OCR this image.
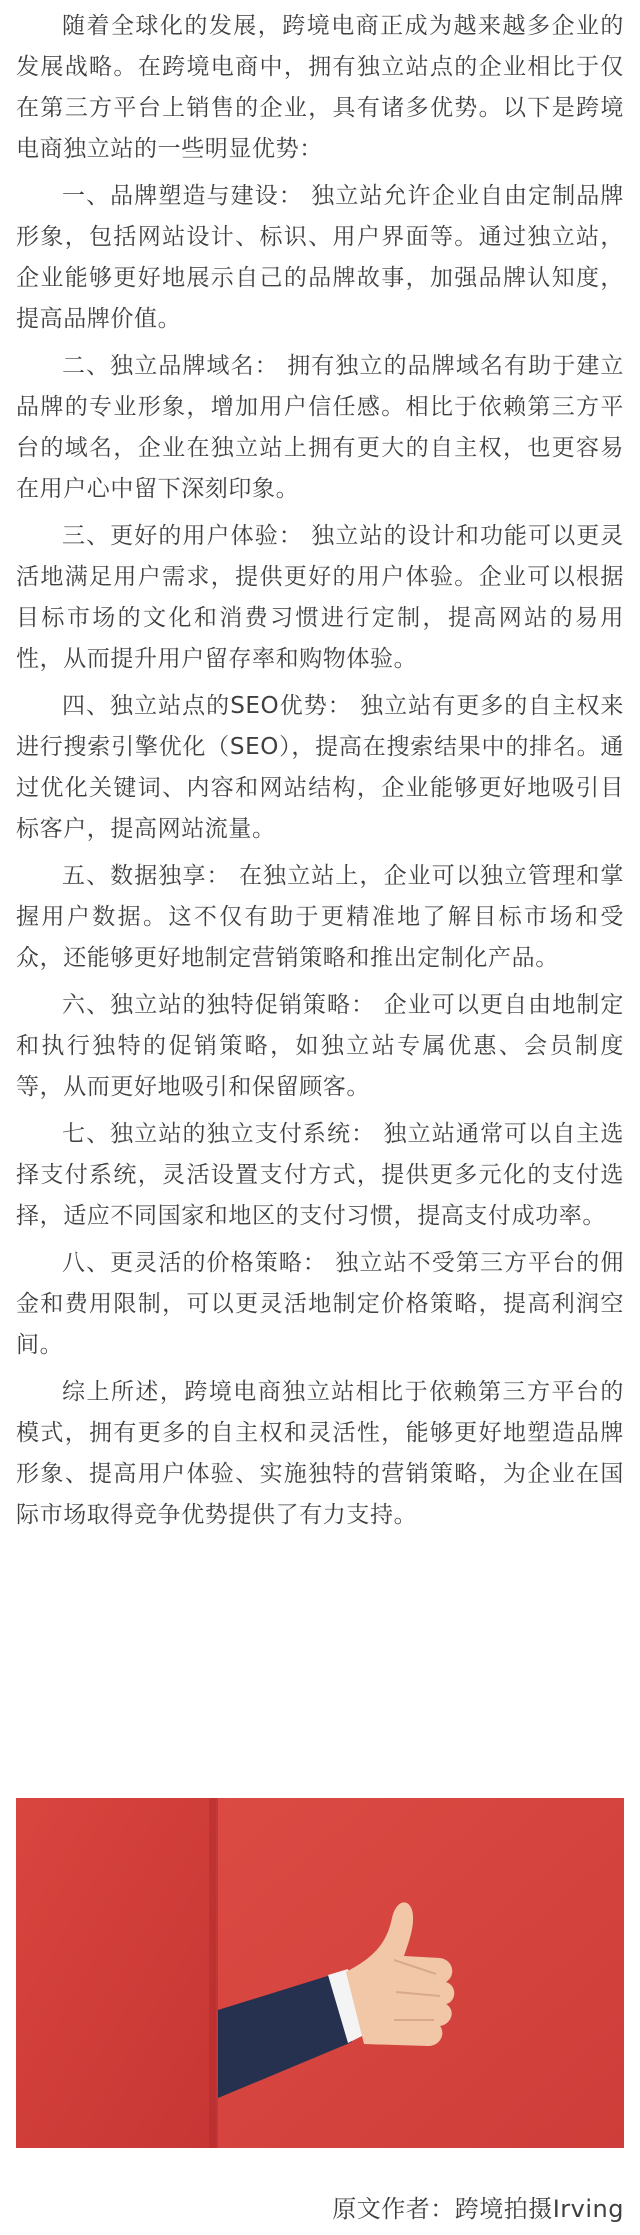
随着全球化的发展，跨境电商正成为越来越多企业的发展战略。在跨境电商中，拥有独立站点的企业相比于仅在第三方平台上销售的企业，具有诸多优势。以下是跨境电商独立站的一些明显优势：

一、品牌塑造与建设： 独立站允许企业自由定制品牌形象，包括网站设计、标识、用户界面等。通过独立站，企业能够更好地展示自己的品牌故事，加强品牌认知度，提高品牌价值。

二、独立品牌域名： 拥有独立的品牌域名有助于建立品牌的专业形象，增加用户信任感。相比于依赖第三方平台的域名，企业在独立站上拥有更大的自主权，也更容易在用户心中留下深刻印象。

三、更好的用户体验： 独立站的设计和功能可以更灵活地满足用户需求，提供更好的用户体验。企业可以根据目标市场的文化和消费习惯进行定制，提高网站的易用性，从而提升用户留存率和购物体验。

四、独立站点的SEO优势： 独立站有更多的自主权来进行搜索引擎优化（SEO），提高在搜索结果中的排名。通过优化关键词、内容和网站结构，企业能够更好地吸引目标客户，提高网站流量。

五、数据独享： 在独立站上，企业可以独立管理和掌握用户数据。这不仅有助于更精准地了解目标市场和受众，还能够更好地制定营销策略和推出定制化产品。

六、独立站的独特促销策略： 企业可以更自由地制定和执行独特的促销策略，如独立站专属优惠、会员制度等，从而更好地吸引和保留顾客。

七、独立站的独立支付系统： 独立站通常可以自主选择支付系统，灵活设置支付方式，提供更多元化的支付选择，适应不同国家和地区的支付习惯，提高支付成功率。

八、更灵活的价格策略： 独立站不受第三方平台的佣金和费用限制，可以更灵活地制定价格策略，提高利润空间。

综上所述，跨境电商独立站相比于依赖第三方平台的模式，拥有更多的自主权和灵活性，能够更好地塑造品牌形象、提高用户体验、实施独特的营销策略，为企业在国际市场取得竞争优势提供了有力支持。

原文作者：跨境拍摄Irving
